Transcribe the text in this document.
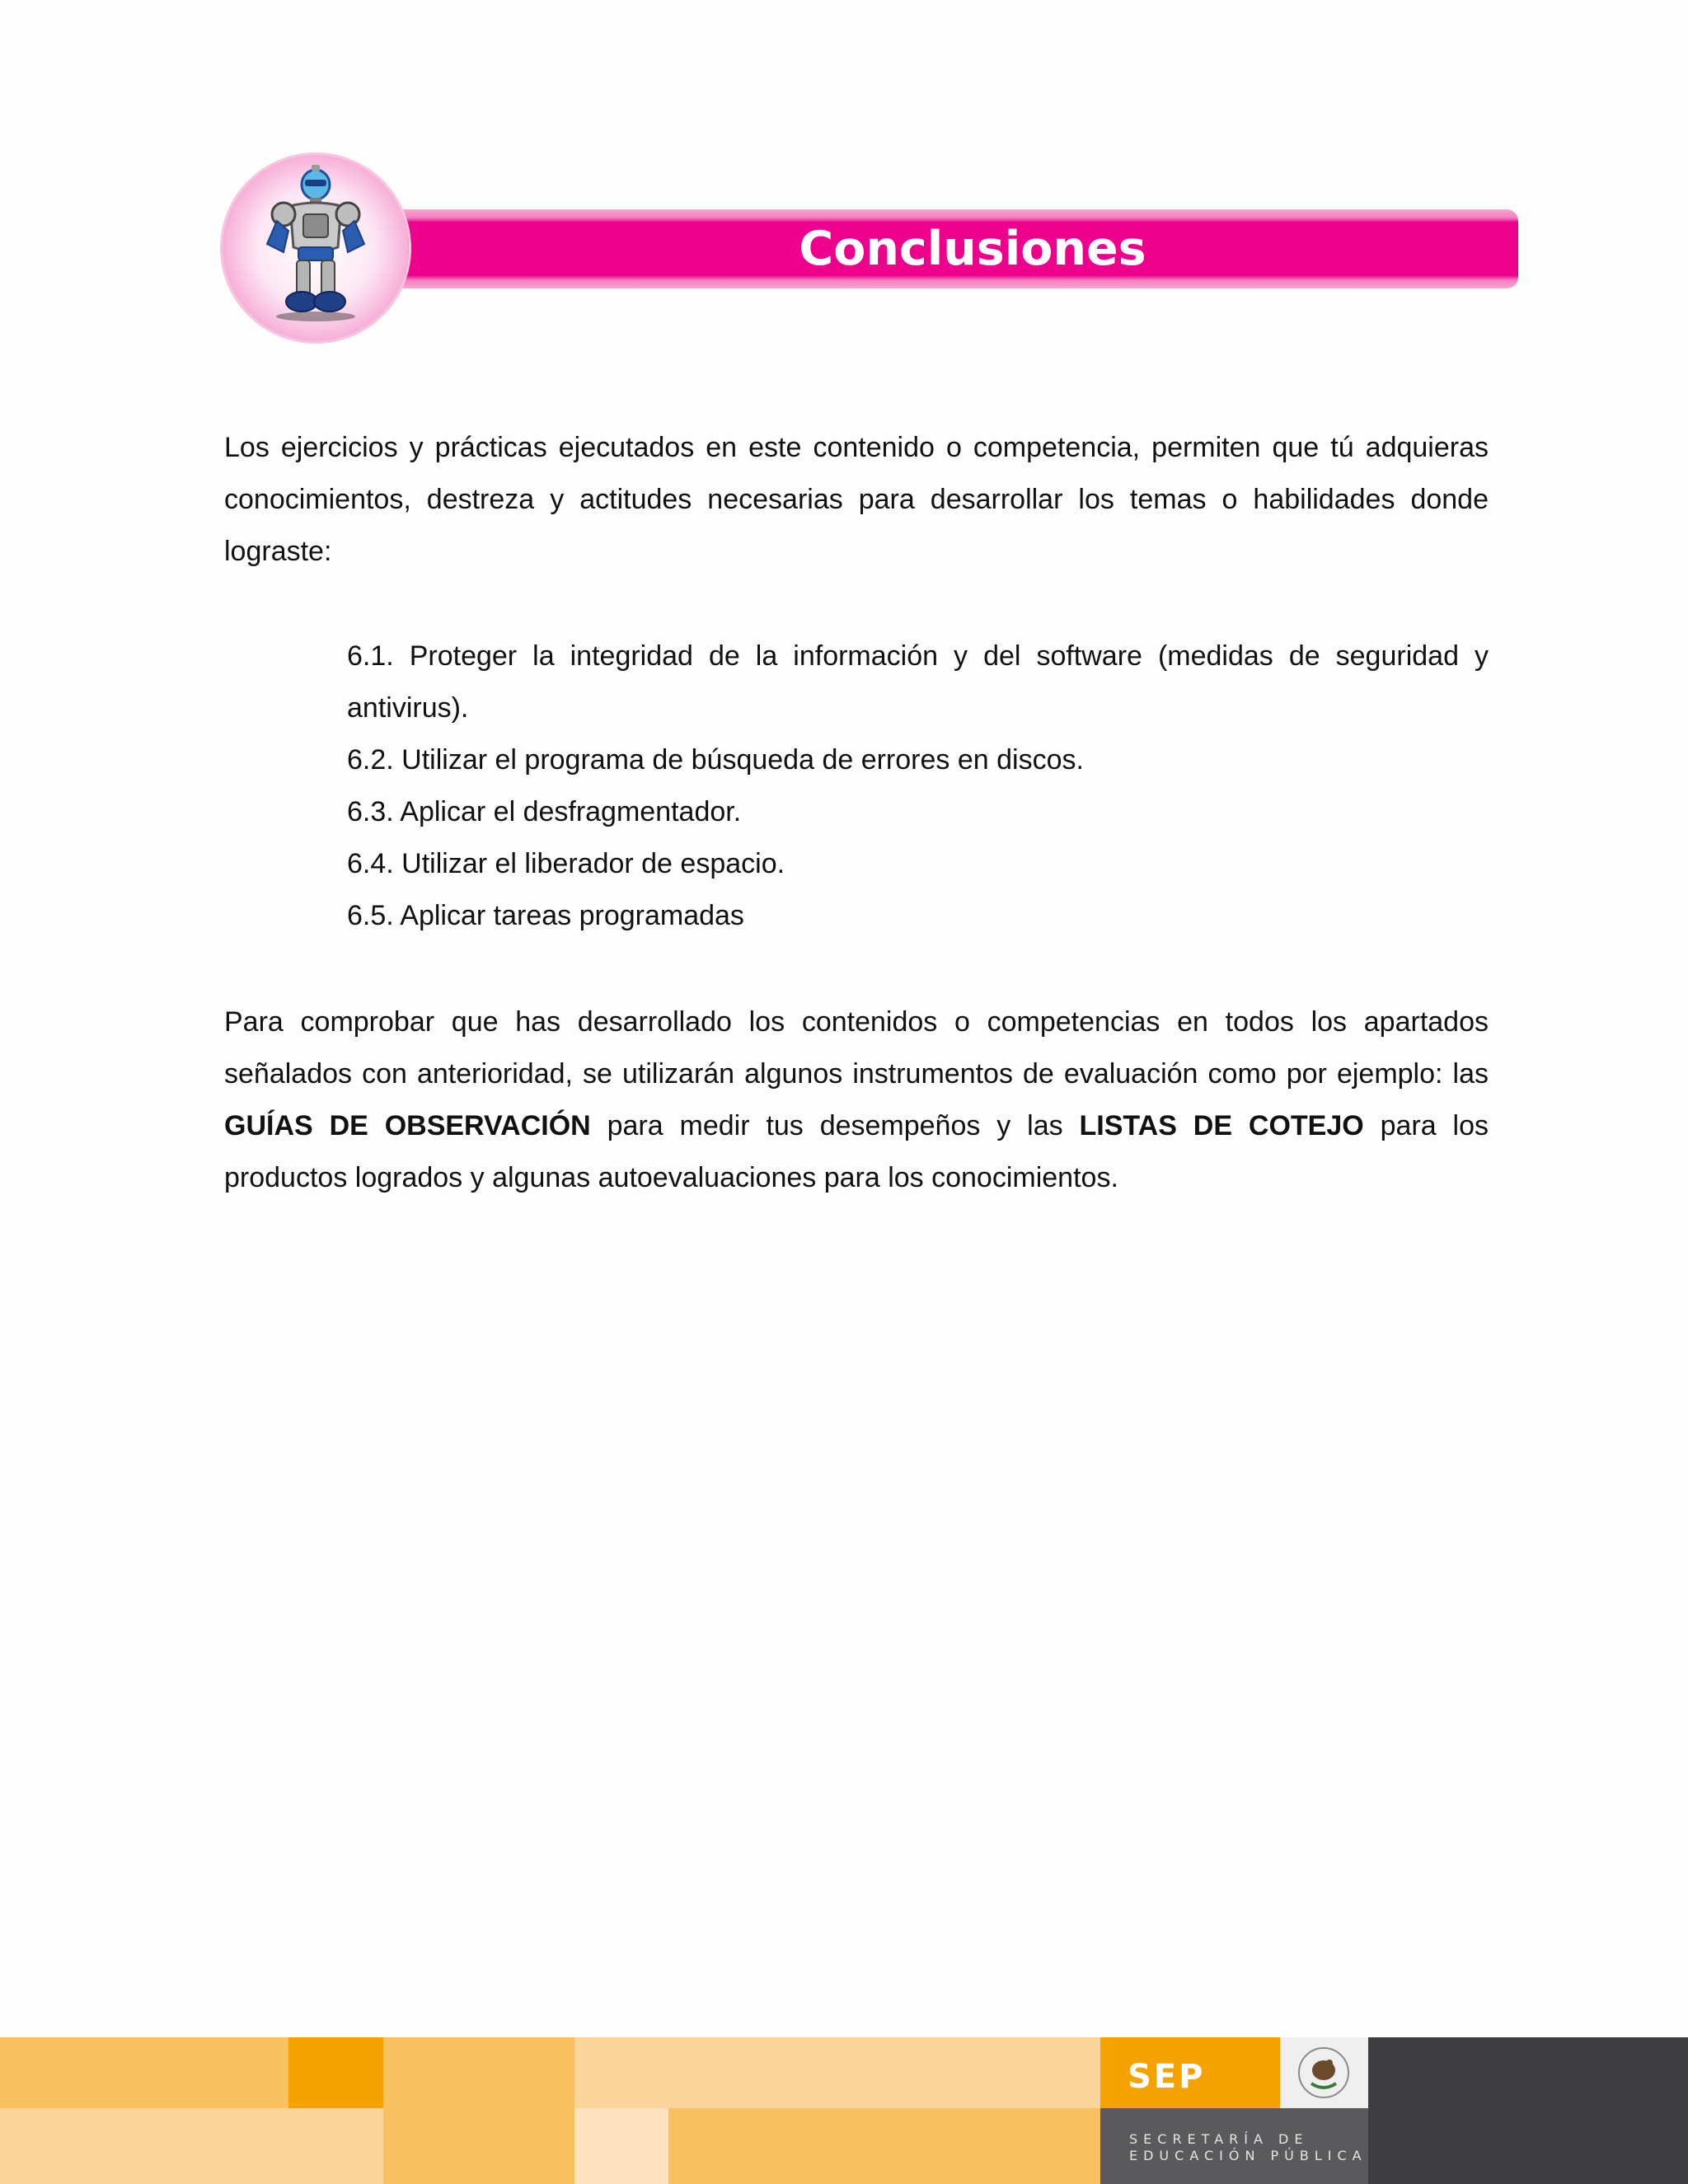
Conclusiones

Los ejercicios y prácticas ejecutados en este contenido o competencia, permiten que tú adquieras conocimientos, destreza y actitudes necesarias para desarrollar los temas o habilidades donde lograste:

6.1. Proteger la integridad de la información y del software (medidas de seguridad y antivirus).
6.2. Utilizar el programa de búsqueda de errores en discos.
6.3. Aplicar el desfragmentador.
6.4. Utilizar el liberador de espacio.
6.5. Aplicar tareas programadas

Para comprobar que has desarrollado los contenidos o competencias en todos los apartados señalados con anterioridad, se utilizarán algunos instrumentos de evaluación como por ejemplo: las GUÍAS DE OBSERVACIÓN para medir tus desempeños y las LISTAS DE COTEJO para los productos logrados y algunas autoevaluaciones para los conocimientos.

SEP
SECRETARÍA DE
EDUCACIÓN PÚBLICA
